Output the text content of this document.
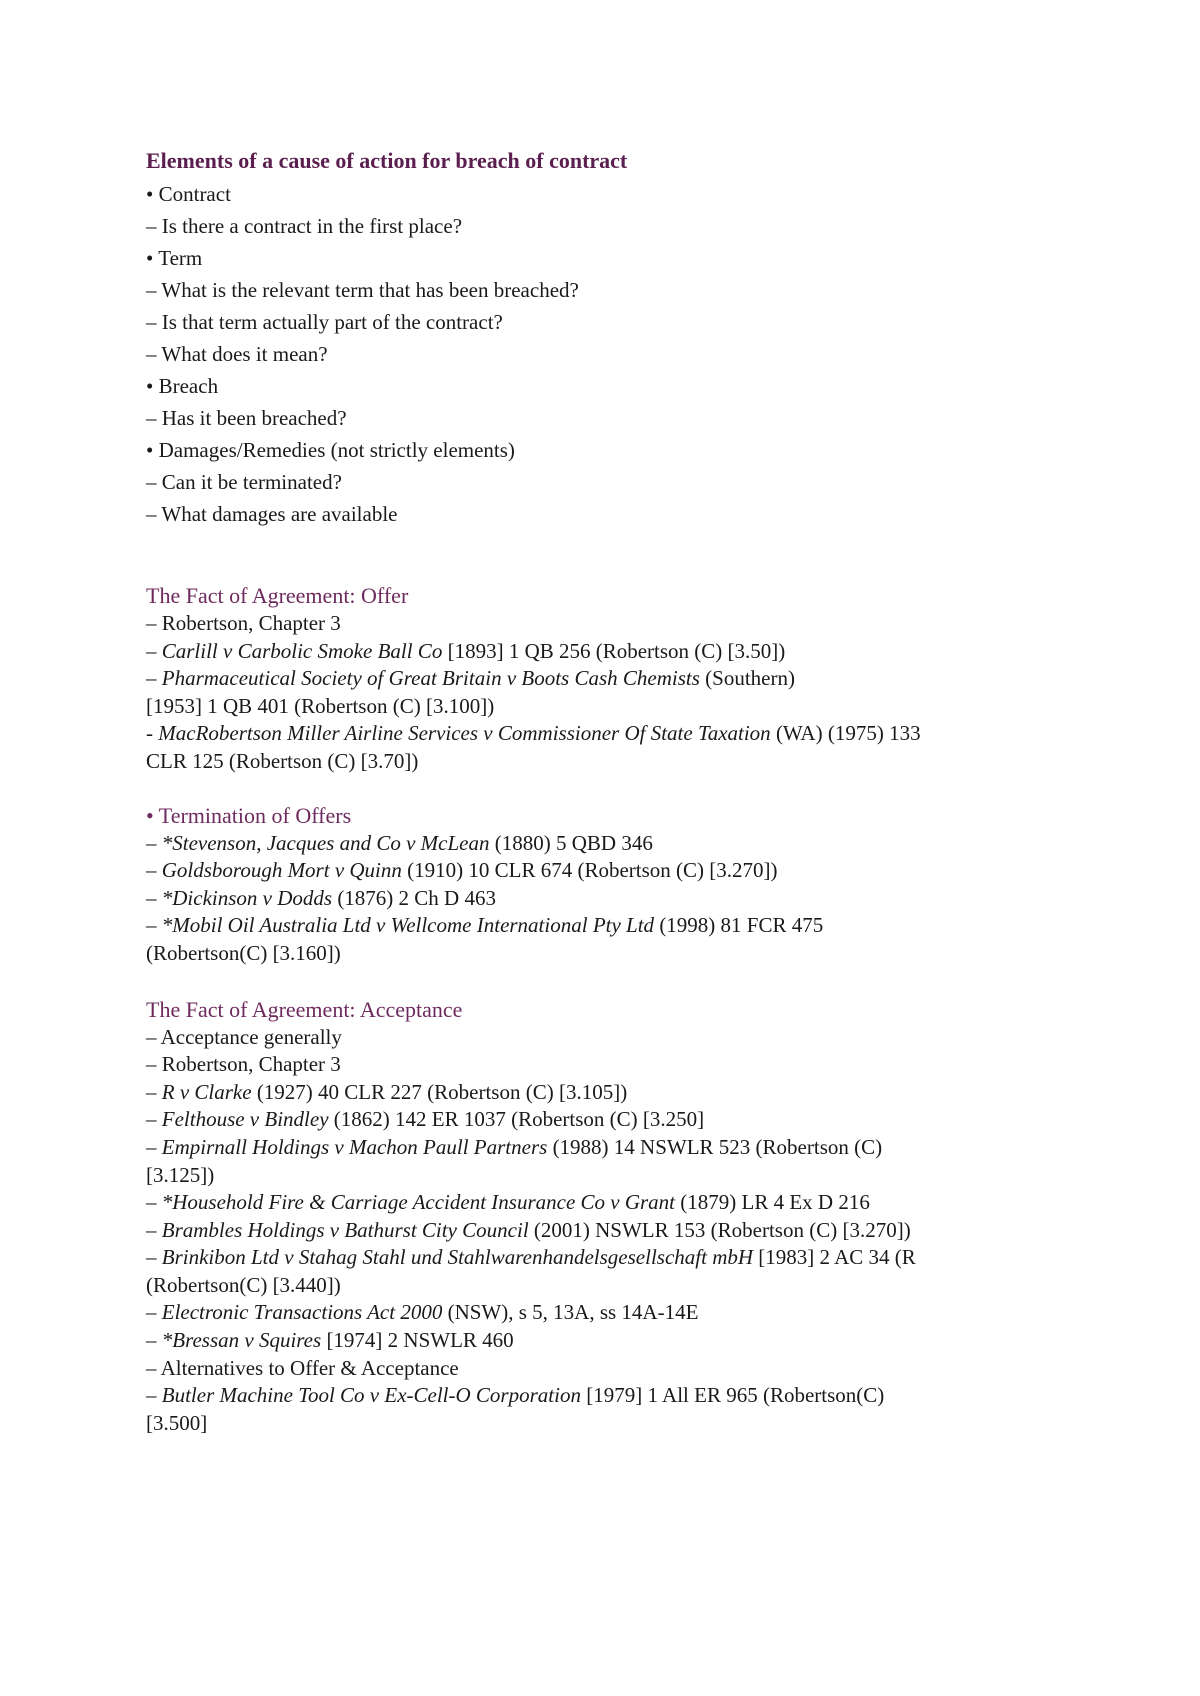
Elements of a cause of action for breach of contract
• Contract
– Is there a contract in the first place?
• Term
– What is the relevant term that has been breached?
– Is that term actually part of the contract?
– What does it mean?
• Breach
– Has it been breached?
• Damages/Remedies (not strictly elements)
– Can it be terminated?
– What damages are available
The Fact of Agreement: Offer
– Robertson, Chapter 3
– Carlill v Carbolic Smoke Ball Co [1893] 1 QB 256 (Robertson (C) [3.50])
– Pharmaceutical Society of Great Britain v Boots Cash Chemists (Southern)
[1953] 1 QB 401 (Robertson (C) [3.100])
- MacRobertson Miller Airline Services v Commissioner Of State Taxation (WA) (1975) 133
CLR 125 (Robertson (C) [3.70])
• Termination of Offers
– *Stevenson, Jacques and Co v McLean (1880) 5 QBD 346
– Goldsborough Mort v Quinn (1910) 10 CLR 674 (Robertson (C) [3.270])
– *Dickinson v Dodds (1876) 2 Ch D 463
– *Mobil Oil Australia Ltd v Wellcome International Pty Ltd (1998) 81 FCR 475
(Robertson(C) [3.160])
The Fact of Agreement: Acceptance
– Acceptance generally
– Robertson, Chapter 3
– R v Clarke (1927) 40 CLR 227 (Robertson (C) [3.105])
– Felthouse v Bindley (1862) 142 ER 1037 (Robertson (C) [3.250]
– Empirnall Holdings v Machon Paull Partners (1988) 14 NSWLR 523 (Robertson (C)
[3.125])
– *Household Fire & Carriage Accident Insurance Co v Grant (1879) LR 4 Ex D 216
– Brambles Holdings v Bathurst City Council (2001) NSWLR 153 (Robertson (C) [3.270])
– Brinkibon Ltd v Stahag Stahl und Stahlwarenhandelsgesellschaft mbH [1983] 2 AC 34 (R
(Robertson(C) [3.440])
– Electronic Transactions Act 2000 (NSW), s 5, 13A, ss 14A-14E
– *Bressan v Squires [1974] 2 NSWLR 460
– Alternatives to Offer & Acceptance
– Butler Machine Tool Co v Ex-Cell-O Corporation [1979] 1 All ER 965 (Robertson(C)
[3.500]
